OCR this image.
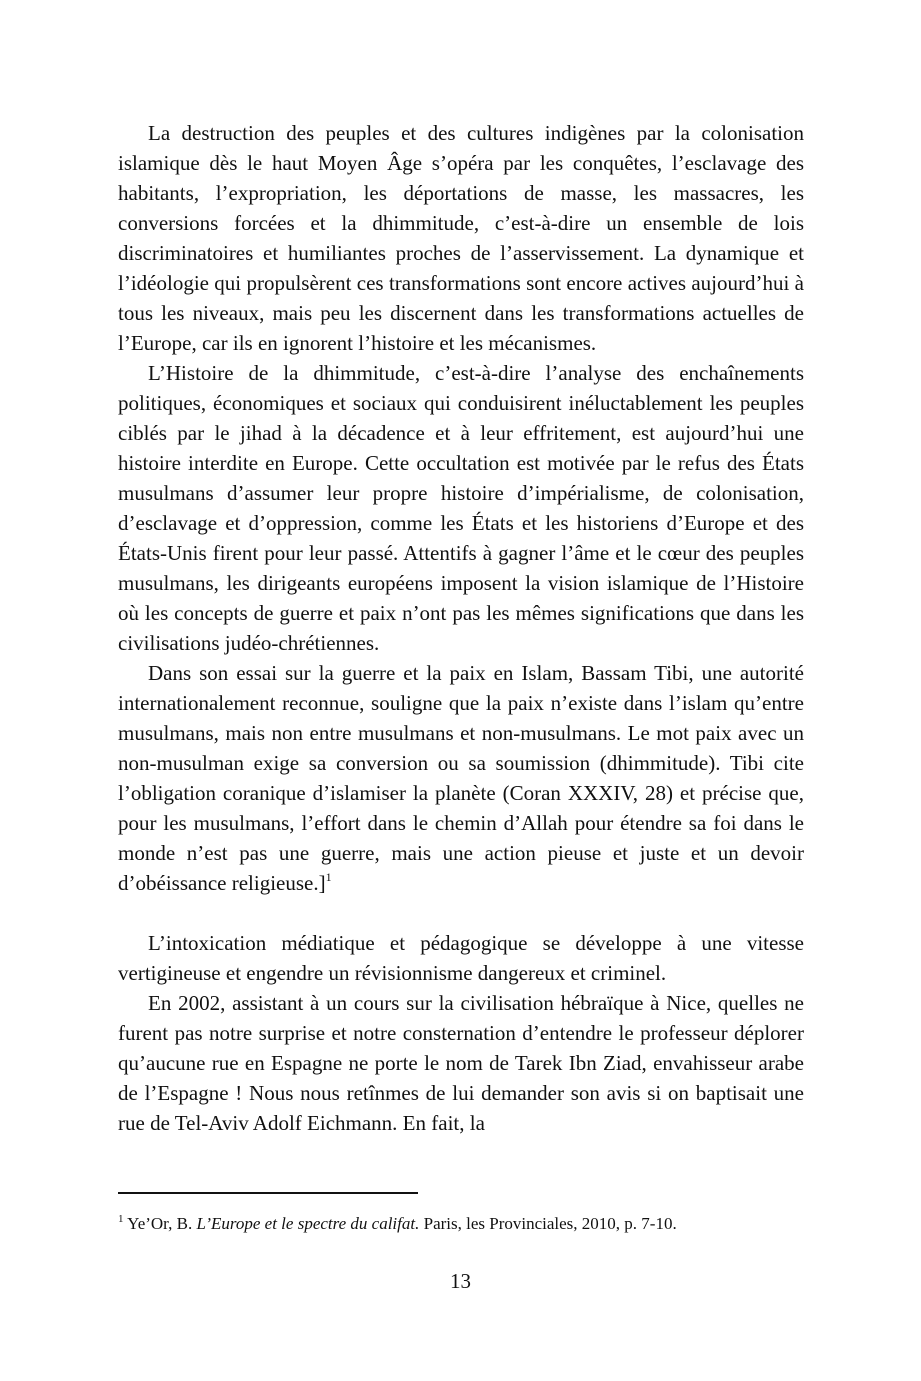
La destruction des peuples et des cultures indigènes par la colonisation islamique dès le haut Moyen Âge s’opéra par les conquêtes, l’esclavage des habitants, l’expropriation, les déportations de masse, les massacres, les conversions forcées et la dhimmitude, c’est-à-dire un ensemble de lois discriminatoires et humiliantes proches de l’asservissement. La dynamique et l’idéologie qui propulsèrent ces transformations sont encore actives aujourd’hui à tous les niveaux, mais peu les discernent dans les transformations actuelles de l’Europe, car ils en ignorent l’histoire et les mécanismes.

L’Histoire de la dhimmitude, c’est-à-dire l’analyse des enchaînements politiques, économiques et sociaux qui conduisirent inéluctablement les peuples ciblés par le jihad à la décadence et à leur effritement, est aujourd’hui une histoire interdite en Europe. Cette occultation est motivée par le refus des États musulmans d’assumer leur propre histoire d’impérialisme, de colonisation, d’esclavage et d’oppression, comme les États et les historiens d’Europe et des États-Unis firent pour leur passé. Attentifs à gagner l’âme et le cœur des peuples musulmans, les dirigeants européens imposent la vision islamique de l’Histoire où les concepts de guerre et paix n’ont pas les mêmes significations que dans les civilisations judéo-chrétiennes.

Dans son essai sur la guerre et la paix en Islam, Bassam Tibi, une autorité internationalement reconnue, souligne que la paix n’existe dans l’islam qu’entre musulmans, mais non entre musulmans et non-musulmans. Le mot paix avec un non-musulman exige sa conversion ou sa soumission (dhimmitude). Tibi cite l’obligation coranique d’islamiser la planète (Coran XXXIV, 28) et précise que, pour les musulmans, l’effort dans le chemin d’Allah pour étendre sa foi dans le monde n’est pas une guerre, mais une action pieuse et juste et un devoir d’obéissance religieuse.]$^1$

L’intoxication médiatique et pédagogique se développe à une vitesse vertigineuse et engendre un révisionnisme dangereux et criminel.

En 2002, assistant à un cours sur la civilisation hébraïque à Nice, quelles ne furent pas notre surprise et notre consternation d’entendre le professeur déplorer qu’aucune rue en Espagne ne porte le nom de Tarek Ibn Ziad, envahisseur arabe de l’Espagne ! Nous nous retînmes de lui demander son avis si on baptisait une rue de Tel-Aviv Adolf Eichmann. En fait, la

$^1$ Ye’Or, B. L’Europe et le spectre du califat. Paris, les Provinciales, 2010, p. 7-10.
13
